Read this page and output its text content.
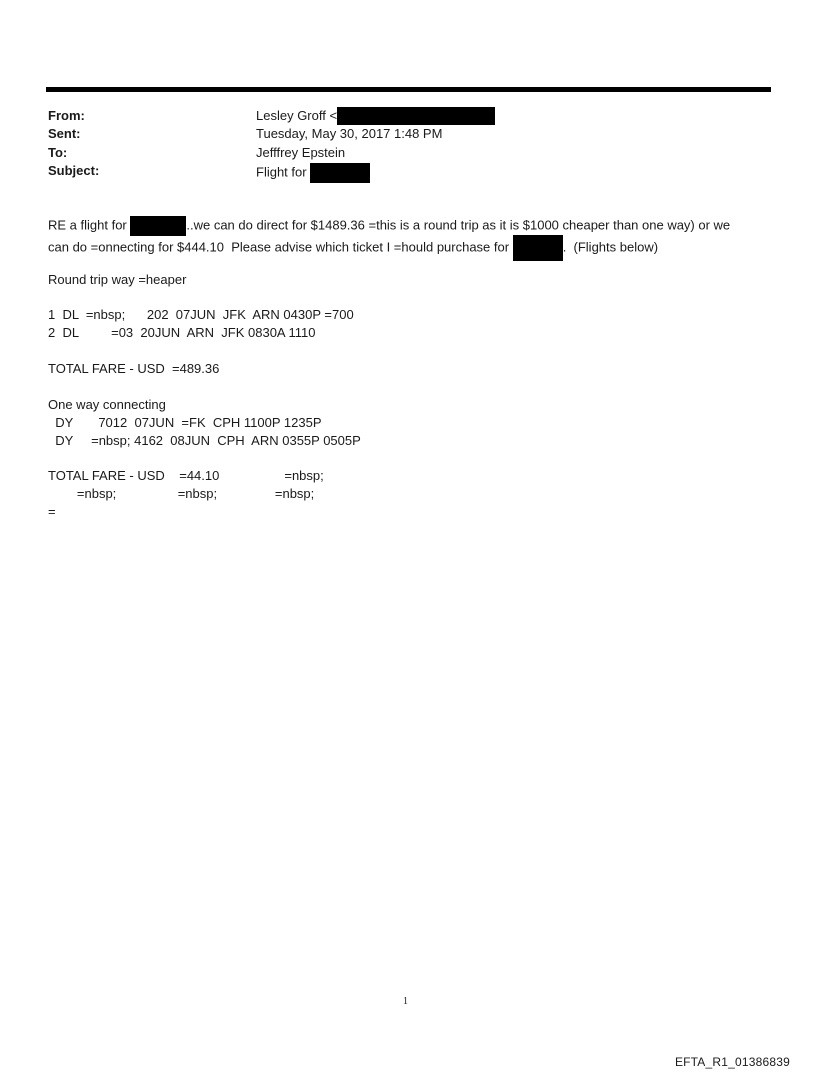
From:	Lesley Groff <
Sent:	Tuesday, May 30, 2017 1:48 PM
To:	Jefffrey Epstein
Subject:	Flight for
RE a flight for	..we can do direct for $1489.36 =this is a round trip as it is $1000 cheaper than one way) or we
can do =onnecting for $444.10  Please advise which ticket I =hould purchase for	.  (Flights below)
Round trip way =heaper
1  DL  =nbsp;      202  07JUN  JFK  ARN 0430P =700
2  DL         =03  20JUN  ARN  JFK 0830A 1110
TOTAL FARE - USD  =489.36
One way connecting
DY       7012  07JUN  =FK  CPH 1100P 1235P
DY     =nbsp; 4162  08JUN  CPH  ARN 0355P 0505P
TOTAL FARE - USD    =44.10                  =nbsp;
=nbsp;                 =nbsp;                =nbsp;
=
1
EFTA_R1_01386839
